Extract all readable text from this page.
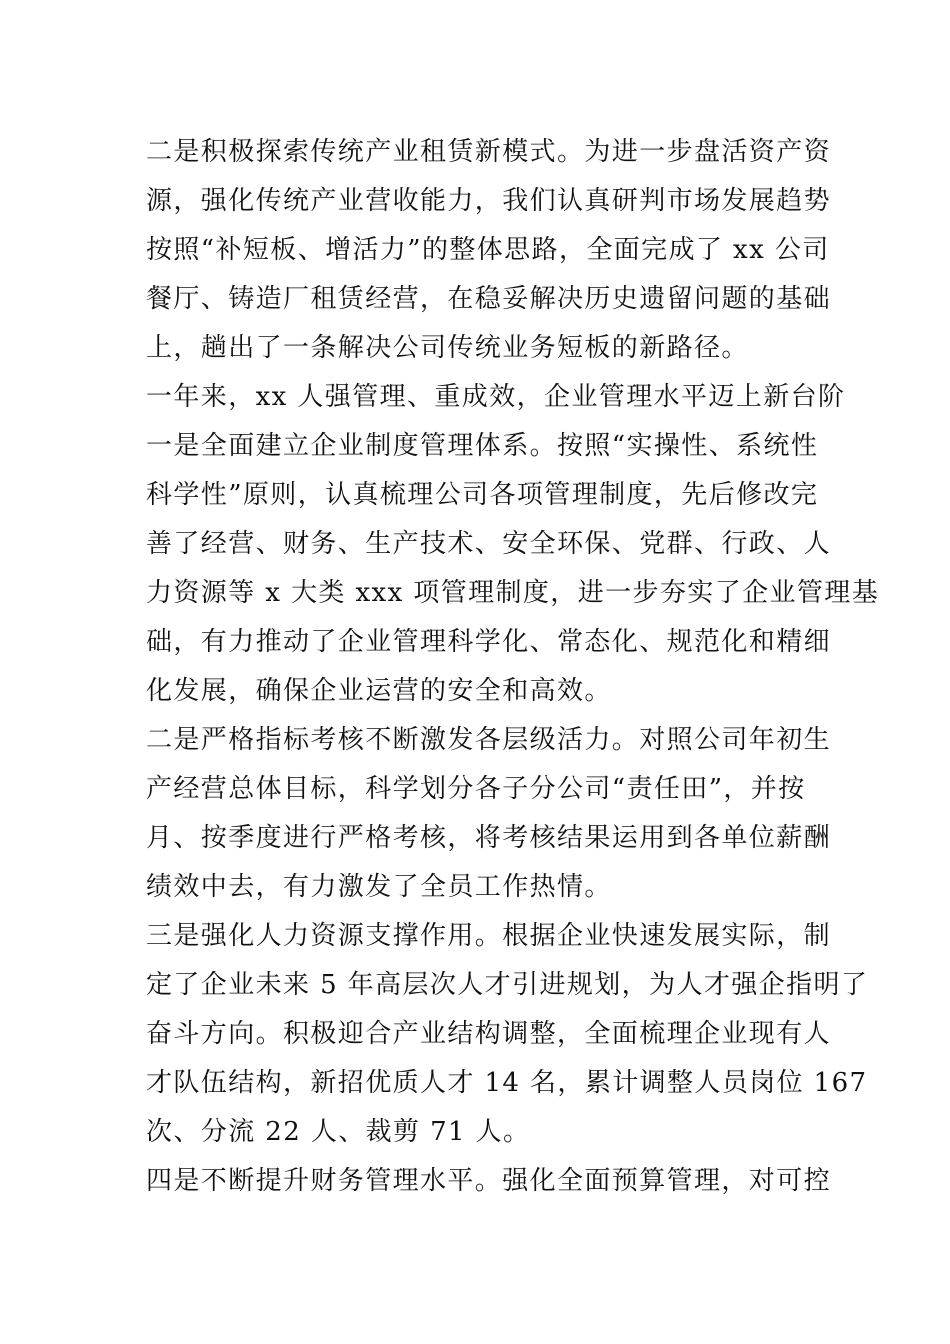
二是积极探索传统产业租赁新模式。为进一步盘活资产资
源，强化传统产业营收能力，我们认真研判市场发展趋势
按照“补短板、增活力”的整体思路，全面完成了 xx 公司
餐厅、铸造厂租赁经营，在稳妥解决历史遗留问题的基础
上，趟出了一条解决公司传统业务短板的新路径。

一年来，xx 人强管理、重成效，企业管理水平迈上新台阶

一是全面建立企业制度管理体系。按照“实操性、系统性
科学性”原则，认真梳理公司各项管理制度，先后修改完
善了经营、财务、生产技术、安全环保、党群、行政、人
力资源等 x 大类 xxx 项管理制度，进一步夯实了企业管理基
础，有力推动了企业管理科学化、常态化、规范化和精细
化发展，确保企业运营的安全和高效。

二是严格指标考核不断激发各层级活力。对照公司年初生
产经营总体目标，科学划分各子分公司“责任田”，并按
月、按季度进行严格考核，将考核结果运用到各单位薪酬
绩效中去，有力激发了全员工作热情。

三是强化人力资源支撑作用。根据企业快速发展实际，制
定了企业未来 5 年高层次人才引进规划，为人才强企指明了
奋斗方向。积极迎合产业结构调整，全面梳理企业现有人
才队伍结构，新招优质人才 14 名，累计调整人员岗位 167
次、分流 22 人、裁剪 71 人。

四是不断提升财务管理水平。强化全面预算管理，对可控
